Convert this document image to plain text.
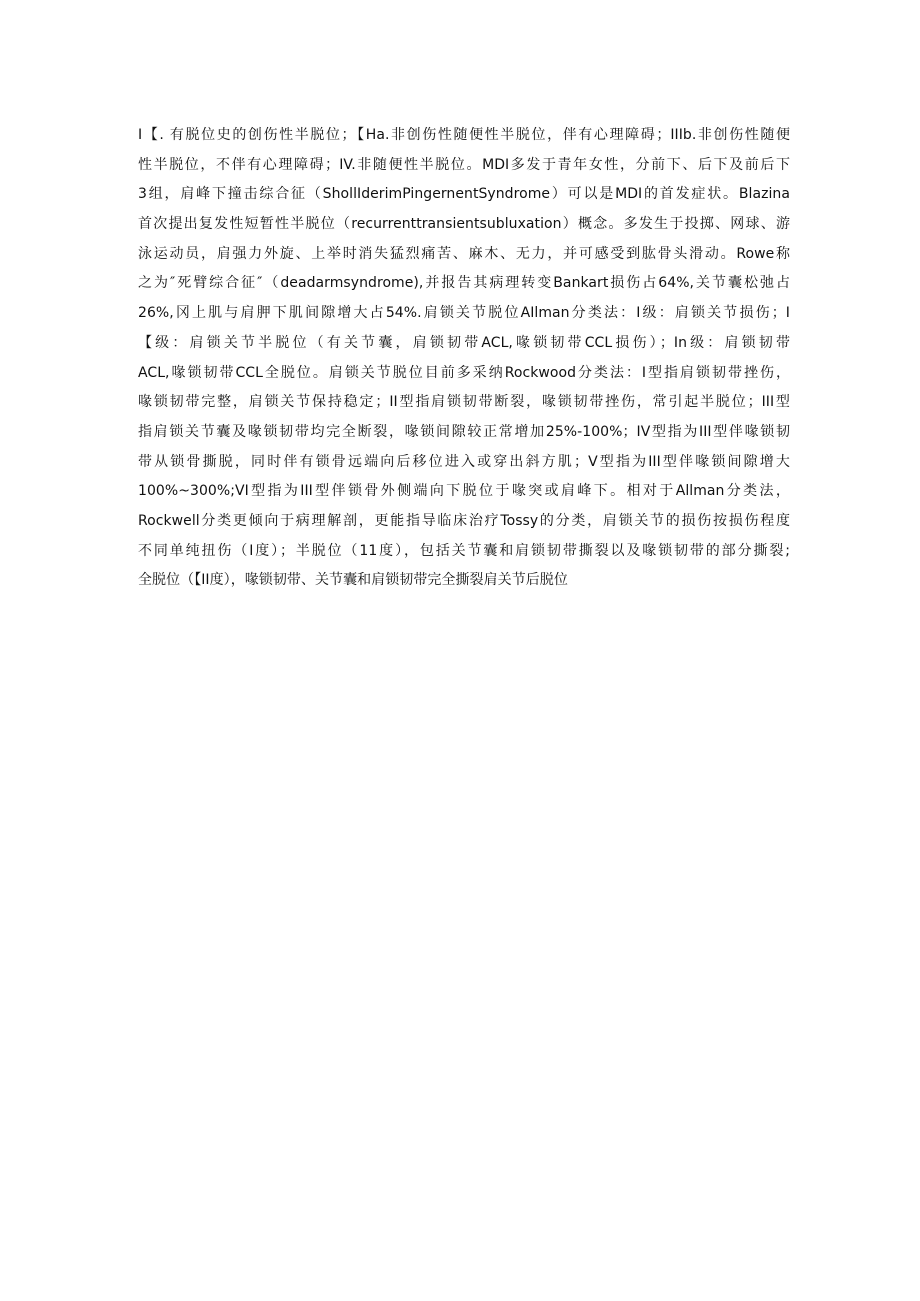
I【. 有脱位史的创伤性半脱位；【Ha.非创伤性随便性半脱位，伴有心理障碍；IIIb.非创伤性随便
性半脱位，不伴有心理障碍；IV.非随便性半脱位。MDI多发于青年女性，分前下、后下及前后下
3组，肩峰下撞击综合征（ShollIderimPingernentSyndrome）可以是MDI的首发症状。Blazina
首次提出复发性短暂性半脱位（recurrenttransientsubluxation）概念。多发生于投掷、网球、游
泳运动员，肩强力外旋、上举时消失猛烈痛苦、麻木、无力，并可感受到肱骨头滑动。Rowe称
之为″死臂综合征″（deadarmsyndrome),并报告其病理转变Bankart损伤占64%,关节囊松弛占
26%,冈上肌与肩胛下肌间隙增大占54%.肩锁关节脱位AIlman分类法：I级：肩锁关节损伤；I
【级：肩锁关节半脱位（有关节囊，肩锁韧带ACL,喙锁韧带CCL损伤）；In级：肩锁韧带
ACL,喙锁韧带CCL全脱位。肩锁关节脱位目前多采纳Rockwood分类法：I型指肩锁韧带挫伤，
喙锁韧带完整，肩锁关节保持稳定；II型指肩锁韧带断裂，喙锁韧带挫伤，常引起半脱位；III型
指肩锁关节囊及喙锁韧带均完全断裂，喙锁间隙较正常增加25%-100%；IV型指为III型伴喙锁韧
带从锁骨撕脱，同时伴有锁骨远端向后移位进入或穿出斜方肌；V型指为III型伴喙锁间隙增大
100%~300%;VI型指为III型伴锁骨外侧端向下脱位于喙突或肩峰下。相对于Allman分类法，
Rockwell分类更倾向于病理解剖，更能指导临床治疗Tossy的分类，肩锁关节的损伤按损伤程度
不同单纯扭伤（I度）；半脱位（11度），包括关节囊和肩锁韧带撕裂以及喙锁韧带的部分撕裂;
全脱位（【II度），喙锁韧带、关节囊和肩锁韧带完全撕裂肩关节后脱位
